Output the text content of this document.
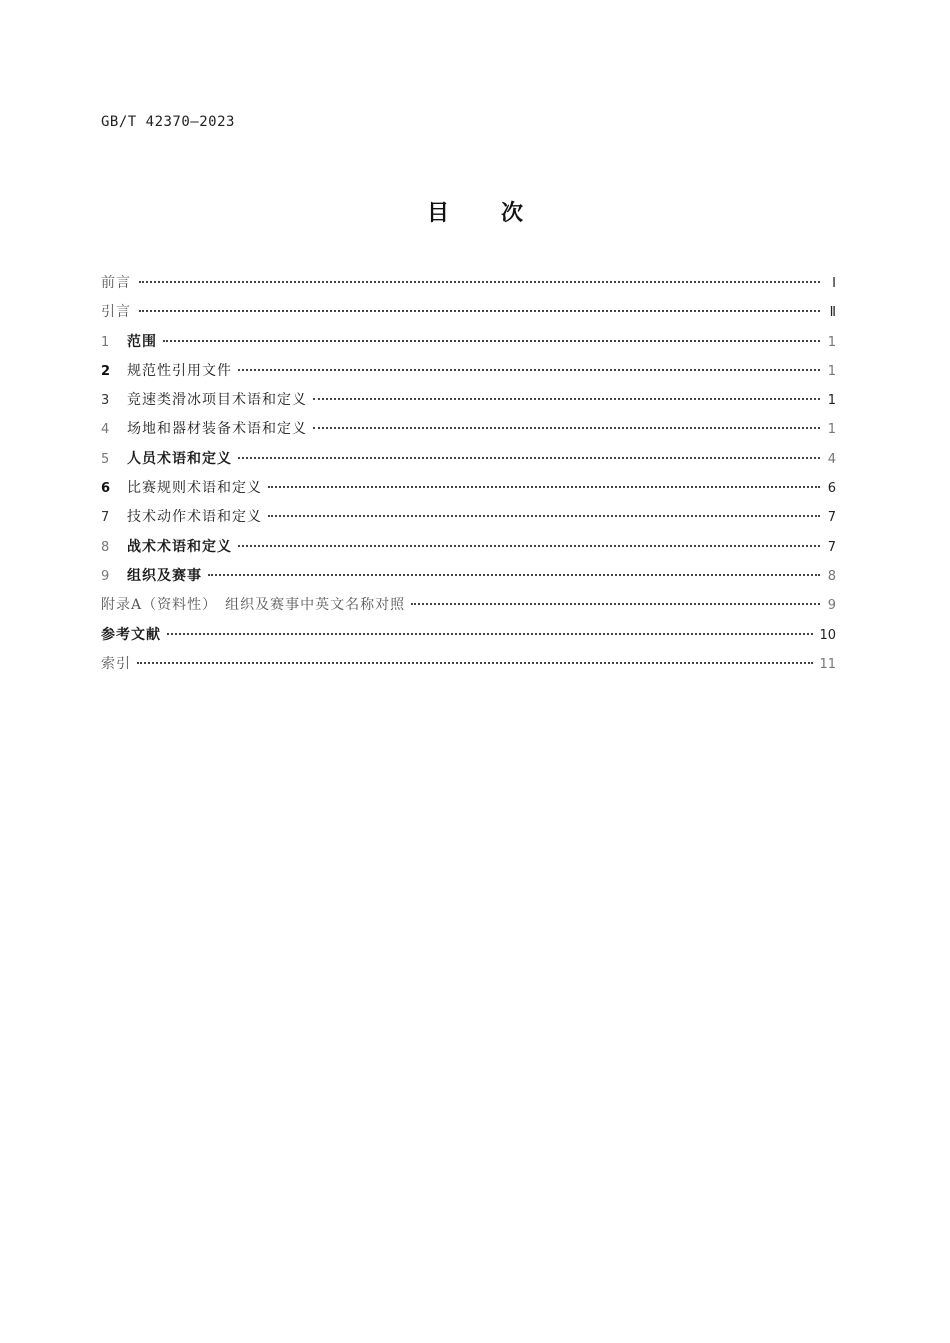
GB/T 42370—2023
目 次
前言	Ⅰ
引言	Ⅱ
1	范围	1
2	规范性引用文件	1
3	竞速类滑冰项目术语和定义	1
4	场地和器材装备术语和定义	1
5	人员术语和定义	4
6	比赛规则术语和定义	6
7	技术动作术语和定义	7
8	战术术语和定义	7
9	组织及赛事	8
附录A（资料性）　组织及赛事中英文名称对照	9
参考文献	10
索引	11
